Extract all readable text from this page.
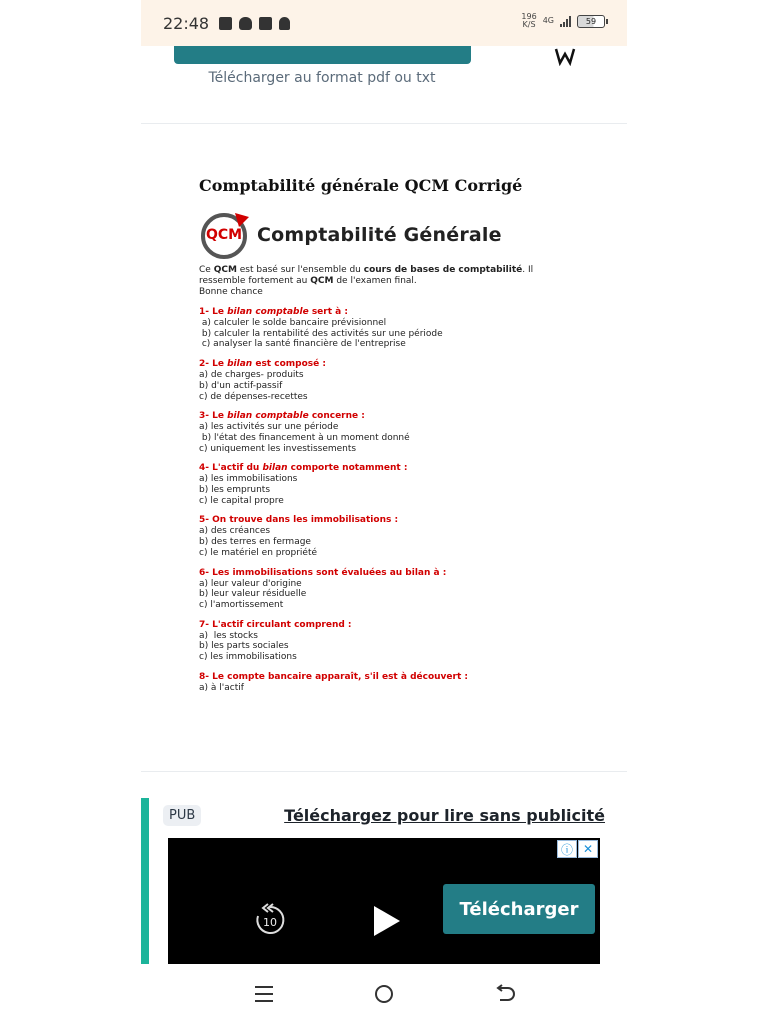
22:48	196
K/S 4G	59
Télécharger au format pdf ou txt
Comptabilité générale QCM Corrigé
QCM Comptabilité Générale
Ce QCM est basé sur l'ensemble du cours de bases de comptabilité. Il ressemble fortement au QCM de l'examen final.
Bonne chance
1- Le bilan comptable sert à :
a) calculer le solde bancaire prévisionnel
b) calculer la rentabilité des activités sur une période
c) analyser la santé financière de l'entreprise
2- Le bilan est composé :
a) de charges- produits
b) d'un actif-passif
c) de dépenses-recettes
3- Le bilan comptable concerne :
a) les activités sur une période
b) l'état des financement à un moment donné
c) uniquement les investissements
4- L'actif du bilan comporte notamment :
a) les immobilisations
b) les emprunts
c) le capital propre
5- On trouve dans les immobilisations :
a) des créances
b) des terres en fermage
c) le matériel en propriété
6- Les immobilisations sont évaluées au bilan à :
a) leur valeur d'origine
b) leur valeur résiduelle
c) l'amortissement
7- L'actif circulant comprend :
a)  les stocks
b) les parts sociales
c) les immobilisations
8- Le compte bancaire apparaît, s'il est à découvert :
a) à l'actif
PUB	Téléchargez pour lire sans publicité
ⓘ ✕
10
Télécharger
